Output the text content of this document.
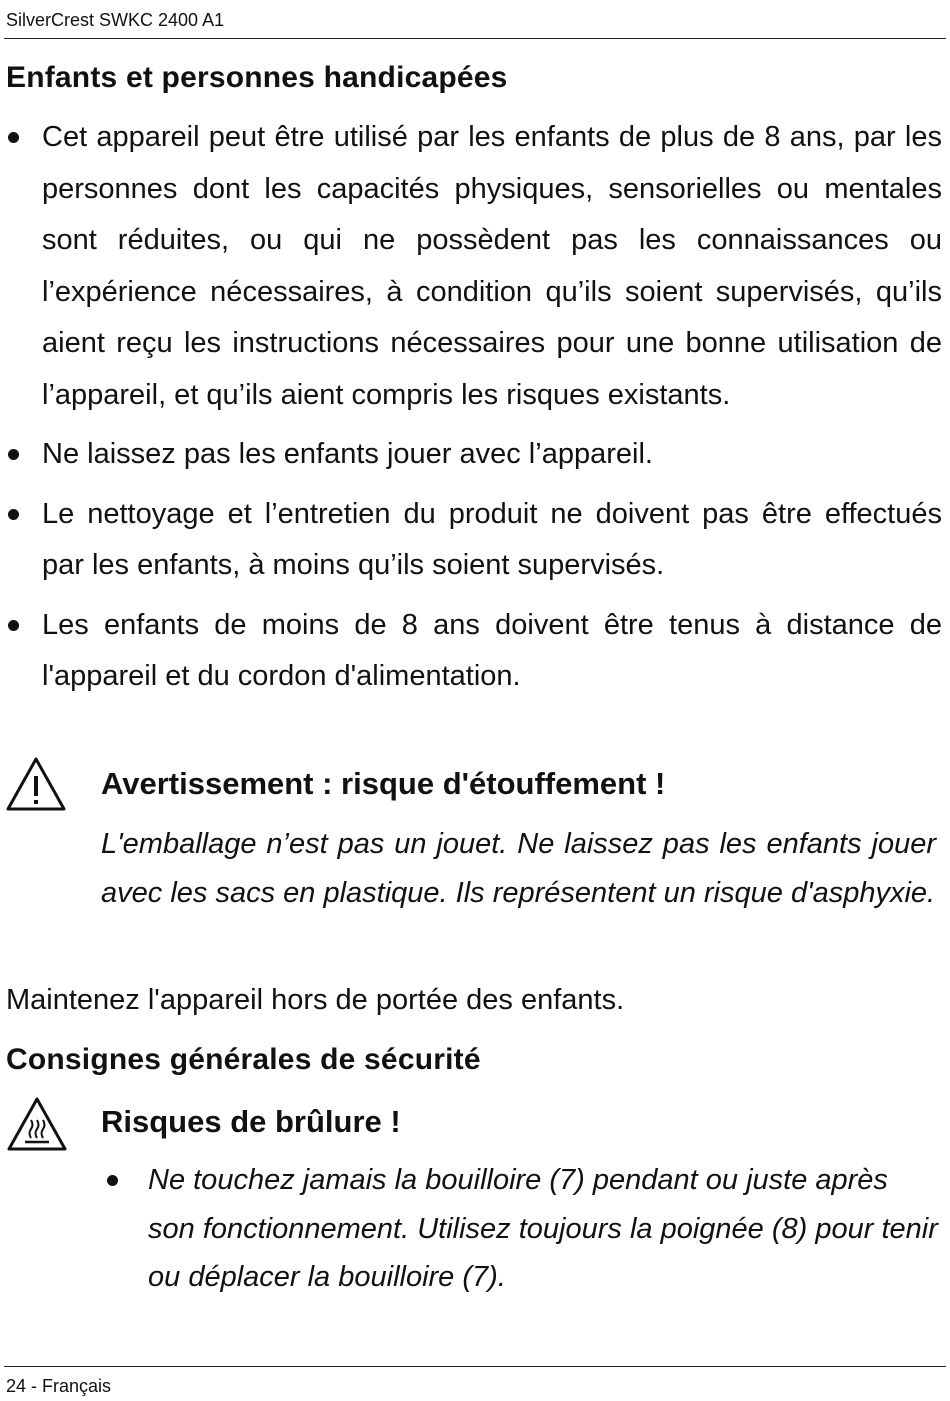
SilverCrest SWKC 2400 A1
Enfants et personnes handicapées
Cet appareil peut être utilisé par les enfants de plus de 8 ans, par les personnes dont les capacités physiques, sensorielles ou mentales sont réduites, ou qui ne possèdent pas les connaissances ou l’expérience nécessaires, à condition qu’ils soient supervisés, qu’ils aient reçu les instructions nécessaires pour une bonne utilisation de l’appareil, et qu’ils aient compris les risques existants.
Ne laissez pas les enfants jouer avec l’appareil.
Le nettoyage et l’entretien du produit ne doivent pas être effectués par les enfants, à moins qu’ils soient supervisés.
Les enfants de moins de 8 ans doivent être tenus à distance de l'appareil et du cordon d'alimentation.
Avertissement : risque d'étouffement !

L'emballage n’est pas un jouet. Ne laissez pas les enfants jouer avec les sacs en plastique. Ils représentent un risque d'asphyxie.

Maintenez l'appareil hors de portée des enfants.

Consignes générales de sécurité
Risques de brûlure !
Ne touchez jamais la bouilloire (7) pendant ou juste après son fonctionnement. Utilisez toujours la poignée (8) pour tenir ou déplacer la bouilloire (7).
24 - Français
